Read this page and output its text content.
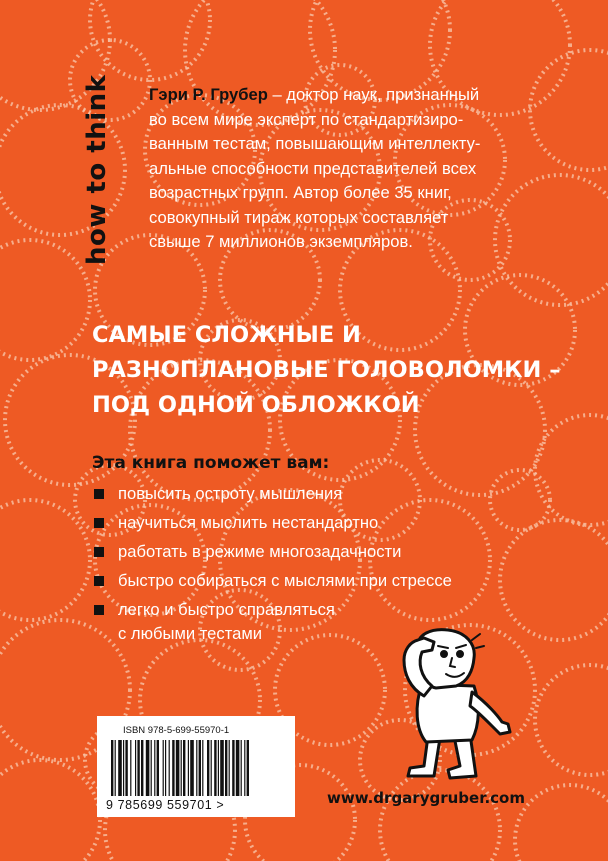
how to think Гэри Р. Грубер – доктор наук, признанный
во всем мире эксперт по стандартизиро-
ванным тестам, повышающим интеллекту-
альные способности представителей всех
возрастных групп. Автор более 35 книг,
совокупный тираж которых составляет
свыше 7 миллионов экземпляров.
САМЫЕ СЛОЖНЫЕ И
РАЗНОПЛАНОВЫЕ ГОЛОВОЛОМКИ –
ПОД ОДНОЙ ОБЛОЖКОЙ
Эта книга поможет вам:
повысить остроту мышления
научиться мыслить нестандартно
работать в режиме многозадачности
быстро собираться с мыслями при стрессе
легко и быстро справляться
с любыми тестами
ISBN 978-5-699-55970-1
9 785699 559701 >	www.drgarygruber.com
